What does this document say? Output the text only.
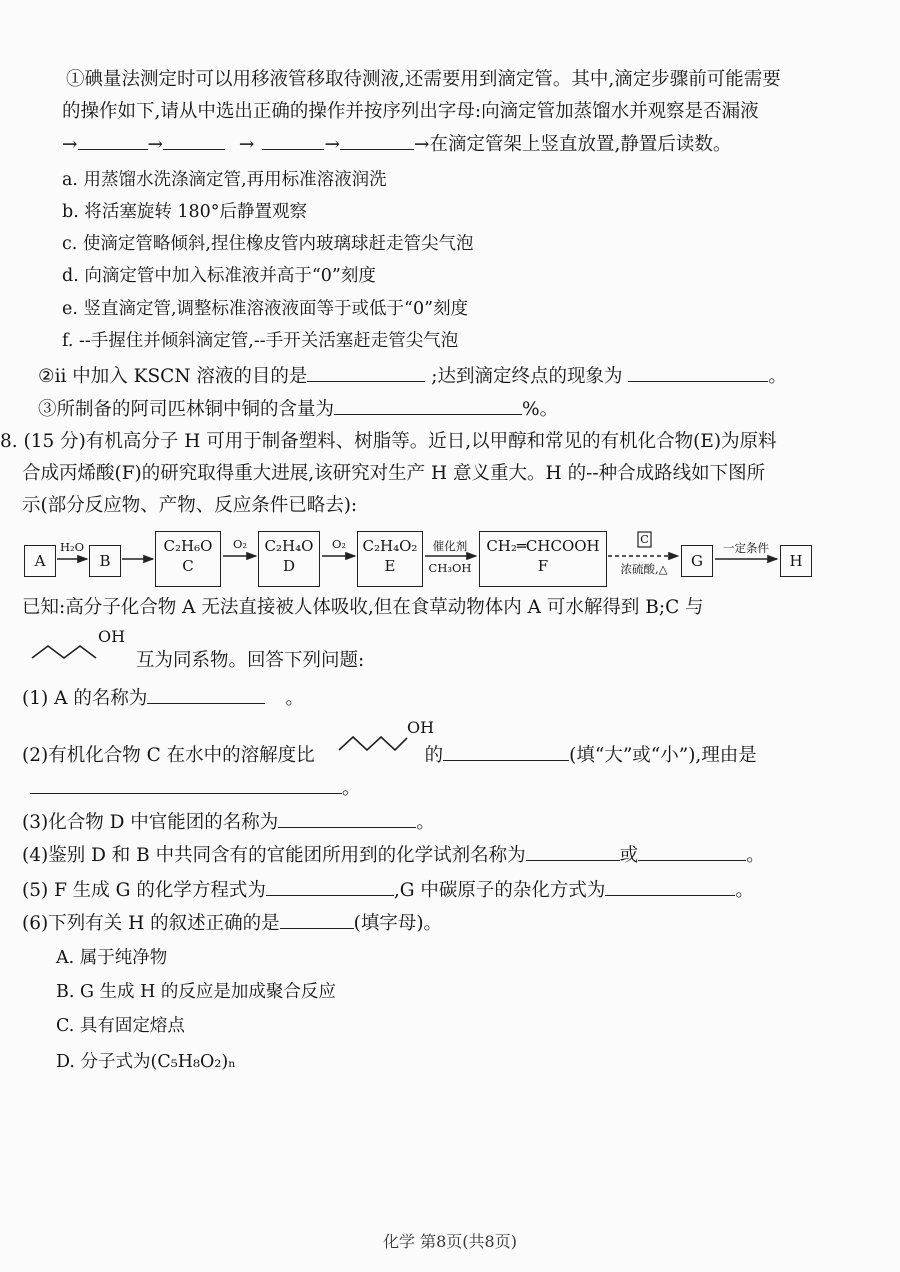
①碘量法测定时可以用移液管移取待测液,还需要用到滴定管。其中,滴定步骤前可能需要
的操作如下,请从中选出正确的操作并按序列出字母:向滴定管加蒸馏水并观察是否漏液
→	→	→	→	→在滴定管架上竖直放置,静置后读数。
a. 用蒸馏水洗涤滴定管,再用标准溶液润洗
b. 将活塞旋转 180°后静置观察
c. 使滴定管略倾斜,捏住橡皮管内玻璃球赶走管尖气泡
d. 向滴定管中加入标准液并高于“0”刻度
e. 竖直滴定管,调整标准溶液液面等于或低于“0”刻度
f. --手握住并倾斜滴定管,--手开关活塞赶走管尖气泡
②ii 中加入 KSCN 溶液的目的是	;达到滴定终点的现象为	。
③所制备的阿司匹林铜中铜的含量为	%。
8. (15 分)有机高分子 H 可用于制备塑料、树脂等。近日,以甲醇和常见的有机化合物(E)为原料
合成丙烯酸(F)的研究取得重大进展,该研究对生产 H 意义重大。H 的--种合成路线如下图所
示(部分反应物、产物、反应条件已略去):
A	B
C₂H₆O
C
C₂H₄O
D
C₂H₄O₂
E
CH₂═CHCOOH
F	G	H
H₂O	O₂	O₂	催化剂
CH₃OH
C
浓硫酸,△
一定条件
已知:高分子化合物 A 无法直接被人体吸收,但在食草动物体内 A 可水解得到 B;C 与
OH
互为同系物。回答下列问题:
(1) A 的名称为	。
OH
(2)有机化合物 C 在水中的溶解度比	的	(填“大”或“小”),理由是
。
(3)化合物 D 中官能团的名称为	。
(4)鉴别 D 和 B 中共同含有的官能团所用到的化学试剂名称为	或	。
(5) F 生成 G 的化学方程式为	,G 中碳原子的杂化方式为	。
(6)下列有关 H 的叙述正确的是	(填字母)。
A. 属于纯净物
B. G 生成 H 的反应是加成聚合反应
C. 具有固定熔点
D. 分子式为(C₅H₈O₂)ₙ
化学 第8页(共8页)
